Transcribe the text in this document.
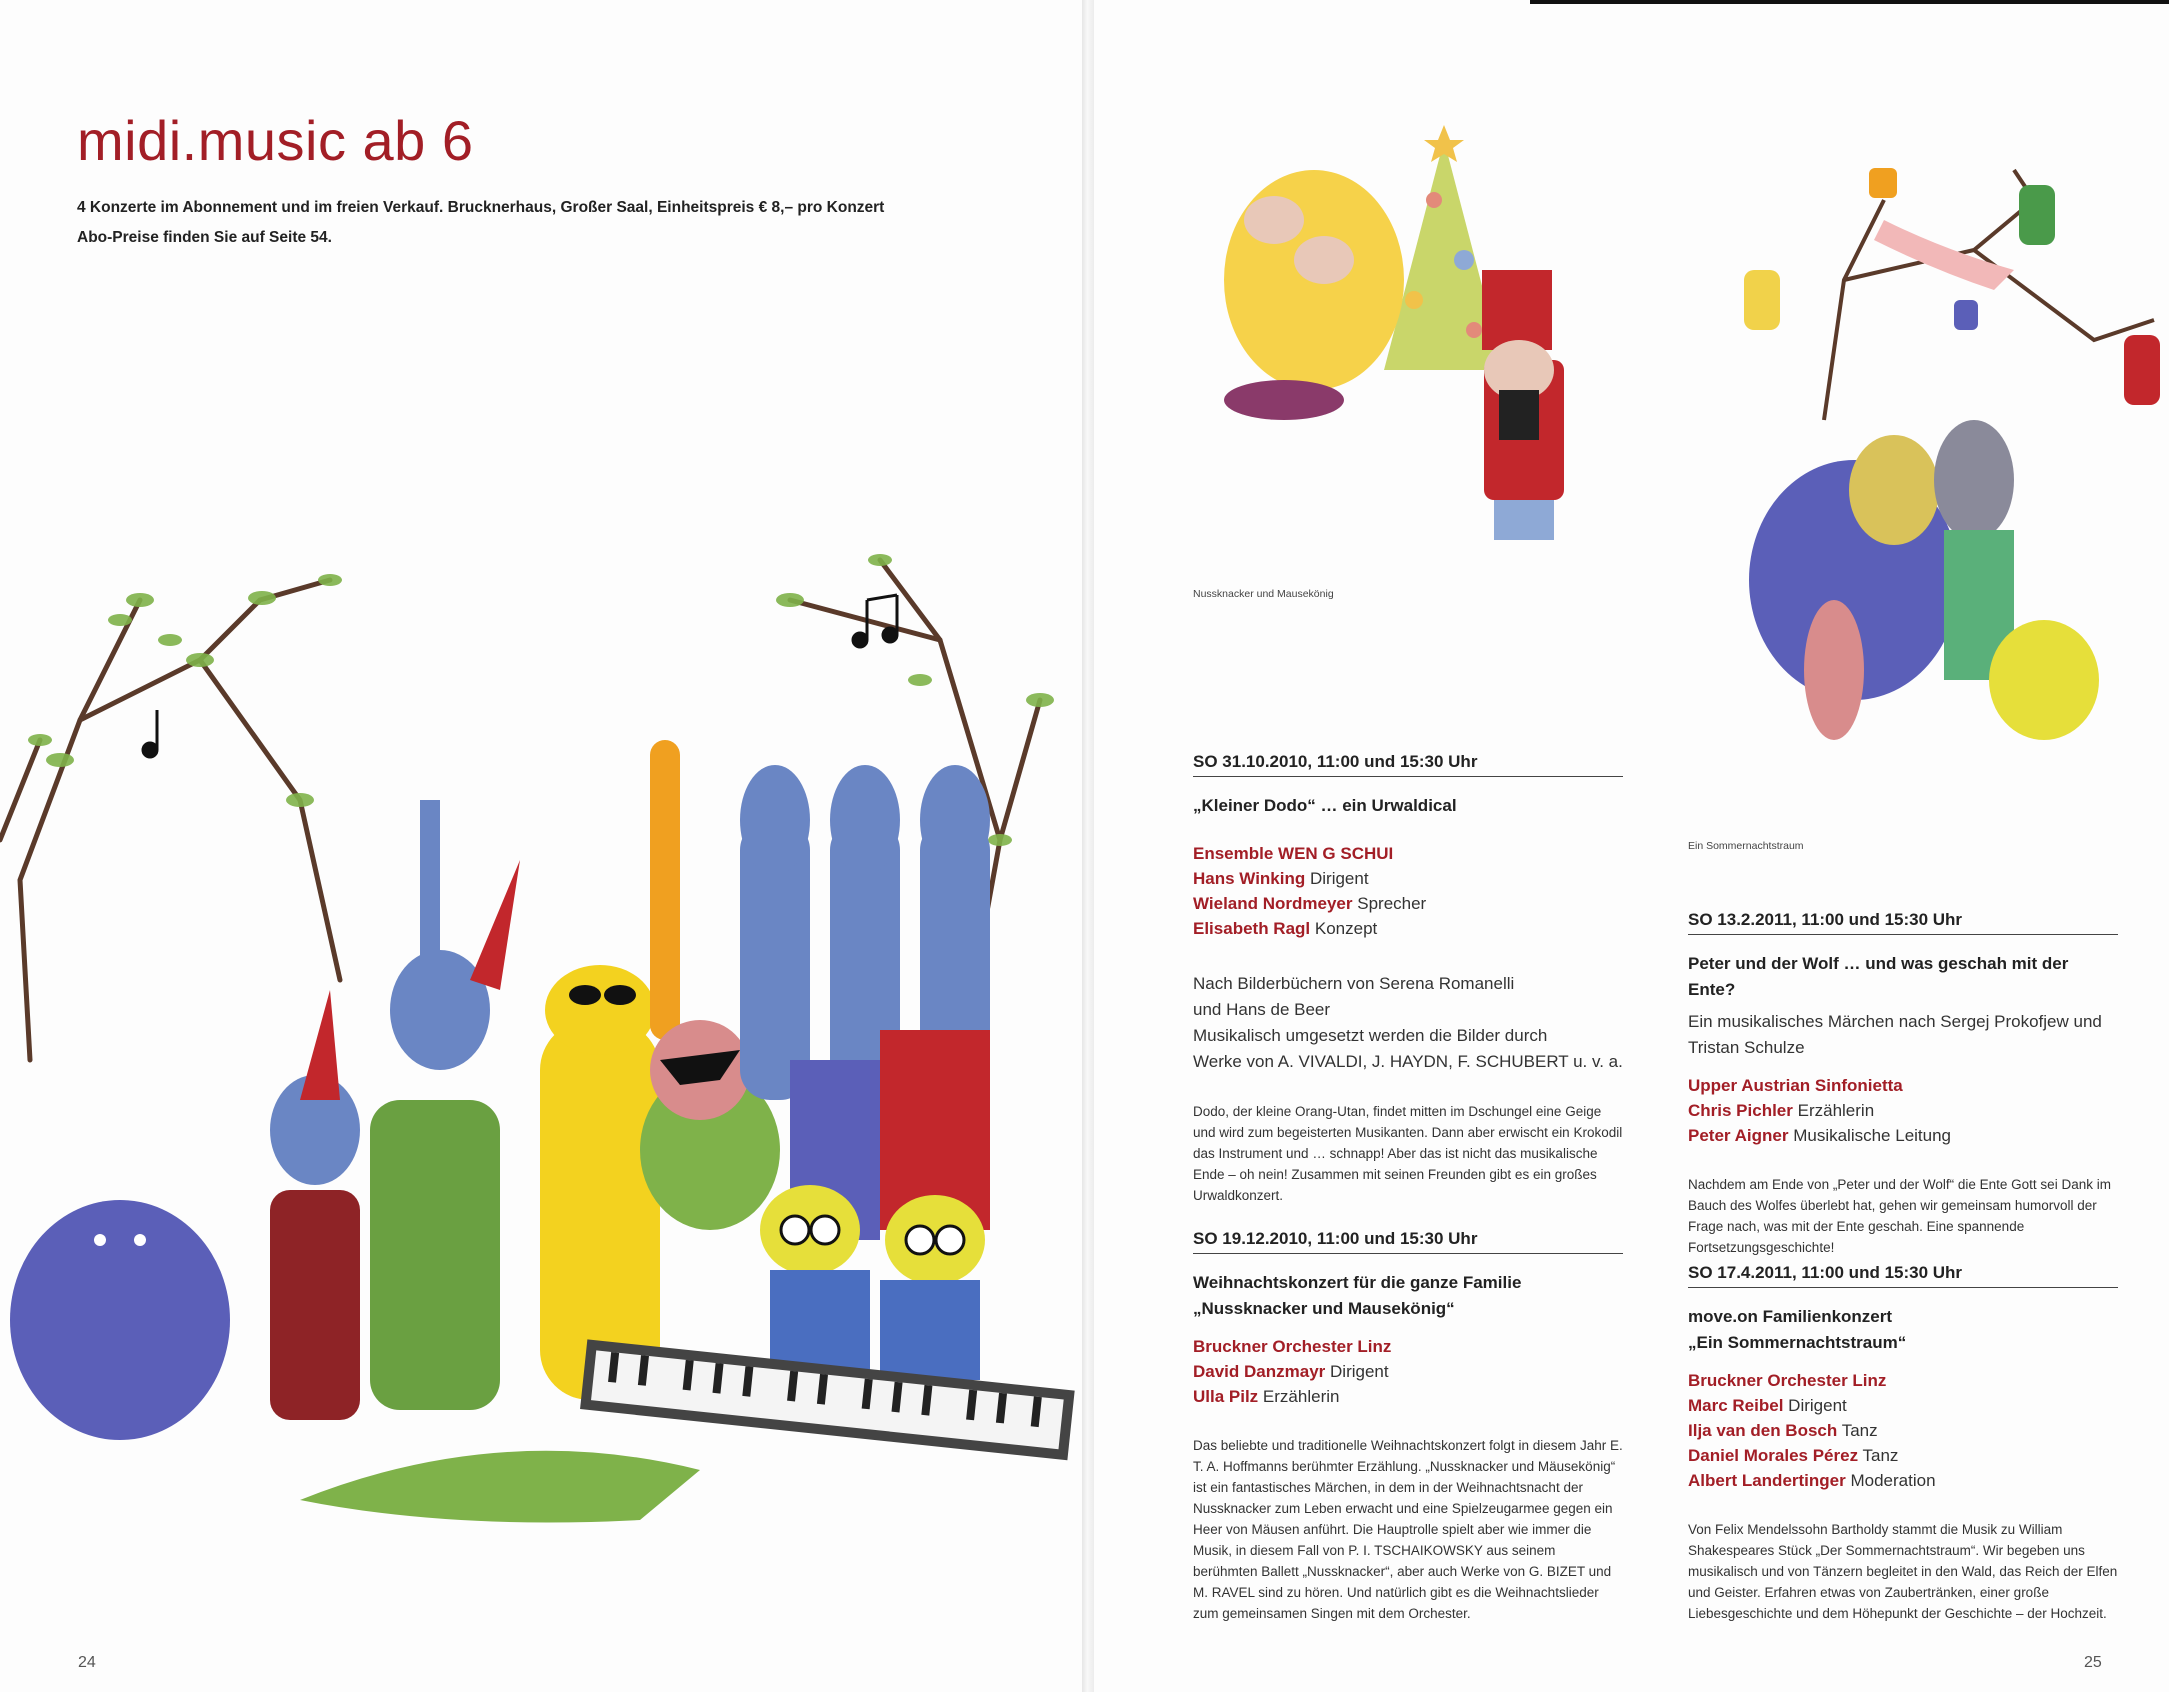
midi.music ab 6
4 Konzerte im Abonnement und im freien Verkauf. Brucknerhaus, Großer Saal, Einheitspreis € 8,– pro Konzert
Abo-Preise finden Sie auf Seite 54.
24
Nussknacker und Mausekönig
Ein Sommernachtstraum
SO 31.10.2010, 11:00 und 15:30 Uhr
„Kleiner Dodo“ … ein Urwaldical
Ensemble WEN G SCHUI
Hans Winking Dirigent
Wieland Nordmeyer Sprecher
Elisabeth Ragl Konzept
Nach Bilderbüchern von Serena Romanelli
und Hans de Beer
Musikalisch umgesetzt werden die Bilder durch
Werke von A. VIVALDI, J. HAYDN, F. SCHUBERT u. v. a.
Dodo, der kleine Orang-Utan, findet mitten im Dschungel eine Geige und wird zum begeisterten Musikanten. Dann aber erwischt ein Krokodil das Instrument und … schnapp! Aber das ist nicht das musikalische Ende – oh nein! Zusammen mit seinen Freunden gibt es ein großes Urwaldkonzert.
SO 19.12.2010, 11:00 und 15:30 Uhr
Weihnachtskonzert für die ganze Familie
„Nussknacker und Mausekönig“
Bruckner Orchester Linz
David Danzmayr Dirigent
Ulla Pilz Erzählerin
Das beliebte und traditionelle Weihnachtskonzert folgt in diesem Jahr E. T. A. Hoffmanns berühmter Erzählung. „Nussknacker und Mäusekönig“ ist ein fantastisches Märchen, in dem in der Weihnachtsnacht der Nussknacker zum Leben erwacht und eine Spielzeugarmee gegen ein Heer von Mäusen anführt. Die Hauptrolle spielt aber wie immer die Musik, in diesem Fall von P. I. TSCHAIKOWSKY aus seinem berühmten Ballett „Nussknacker“, aber auch Werke von G. BIZET und M. RAVEL sind zu hören. Und natürlich gibt es die Weihnachtslieder zum gemeinsamen Singen mit dem Orchester.
SO 13.2.2011, 11:00 und 15:30 Uhr
Peter und der Wolf … und was geschah mit der Ente?
Ein musikalisches Märchen nach Sergej Prokofjew und
Tristan Schulze
Upper Austrian Sinfonietta
Chris Pichler Erzählerin
Peter Aigner Musikalische Leitung
Nachdem am Ende von „Peter und der Wolf“ die Ente Gott sei Dank im Bauch des Wolfes überlebt hat, gehen wir gemeinsam humorvoll der Frage nach, was mit der Ente geschah. Eine spannende Fortsetzungsgeschichte!
SO 17.4.2011, 11:00 und 15:30 Uhr
move.on Familienkonzert
„Ein Sommernachtstraum“
Bruckner Orchester Linz
Marc Reibel Dirigent
Ilja van den Bosch Tanz
Daniel Morales Pérez Tanz
Albert Landertinger Moderation
Von Felix Mendelssohn Bartholdy stammt die Musik zu William Shakespeares Stück „Der Sommernachtstraum“. Wir begeben uns musikalisch und von Tänzern begleitet in den Wald, das Reich der Elfen und Geister. Erfahren etwas von Zaubertränken, einer große Liebesgeschichte und dem Höhepunkt der Geschichte – der Hochzeit.
25
